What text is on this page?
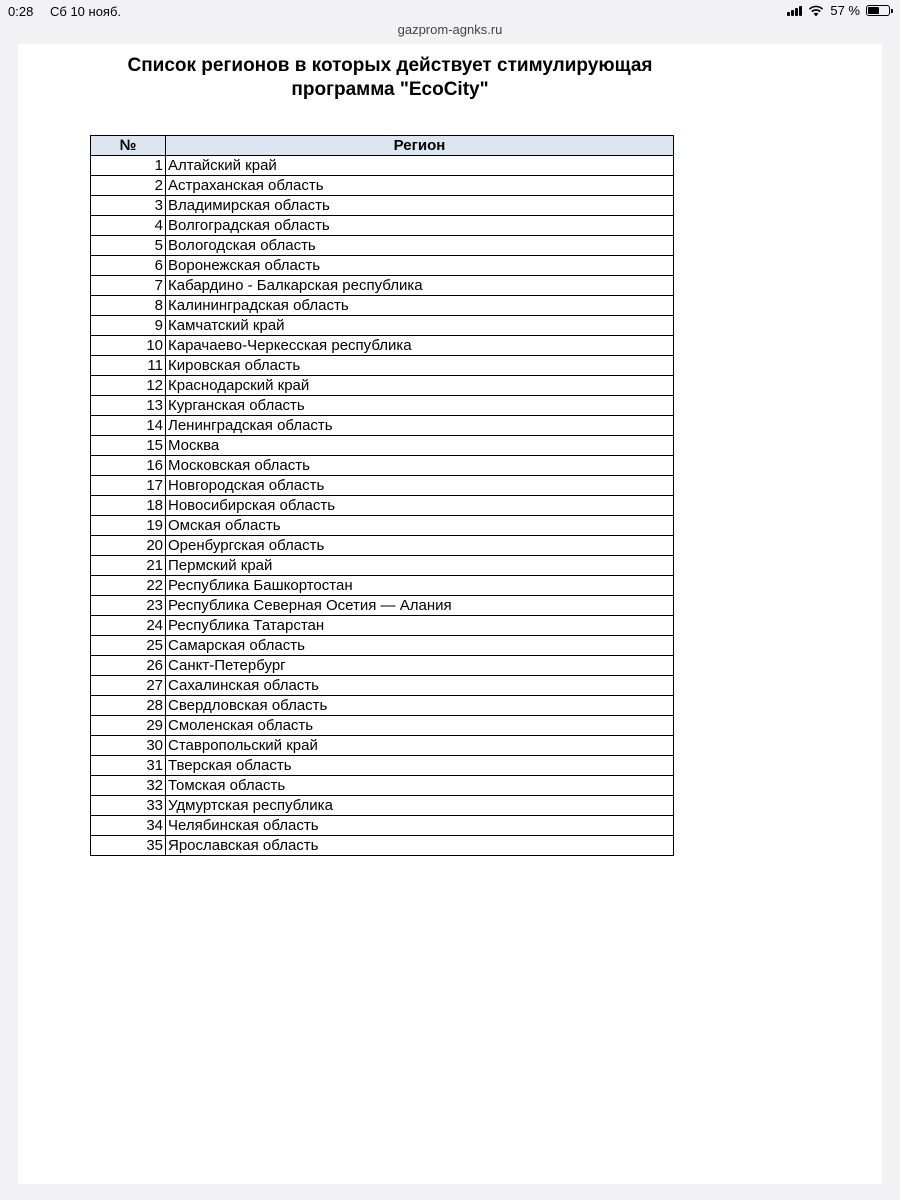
0:28 Сб 10 нояб.	57 %
gazprom-agnks.ru
Список регионов в которых действует стимулирующая
программа "EcoCity"
№	Регион
1	Алтайский край
2	Астраханская область
3	Владимирская область
4	Волгоградская область
5	Вологодская область
6	Воронежская область
7	Кабардино - Балкарская республика
8	Калининградская область
9	Камчатский край
10	Карачаево-Черкесская республика
11	Кировская область
12	Краснодарский край
13	Курганская область
14	Ленинградская область
15	Москва
16	Московская область
17	Новгородская область
18	Новосибирская область
19	Омская область
20	Оренбургская область
21	Пермский край
22	Республика Башкортостан
23	Республика Северная Осетия — Алания
24	Республика Татарстан
25	Самарская область
26	Санкт-Петербург
27	Сахалинская область
28	Свердловская область
29	Смоленская область
30	Ставропольский край
31	Тверская область
32	Томская область
33	Удмуртская республика
34	Челябинская область
35	Ярославская область
